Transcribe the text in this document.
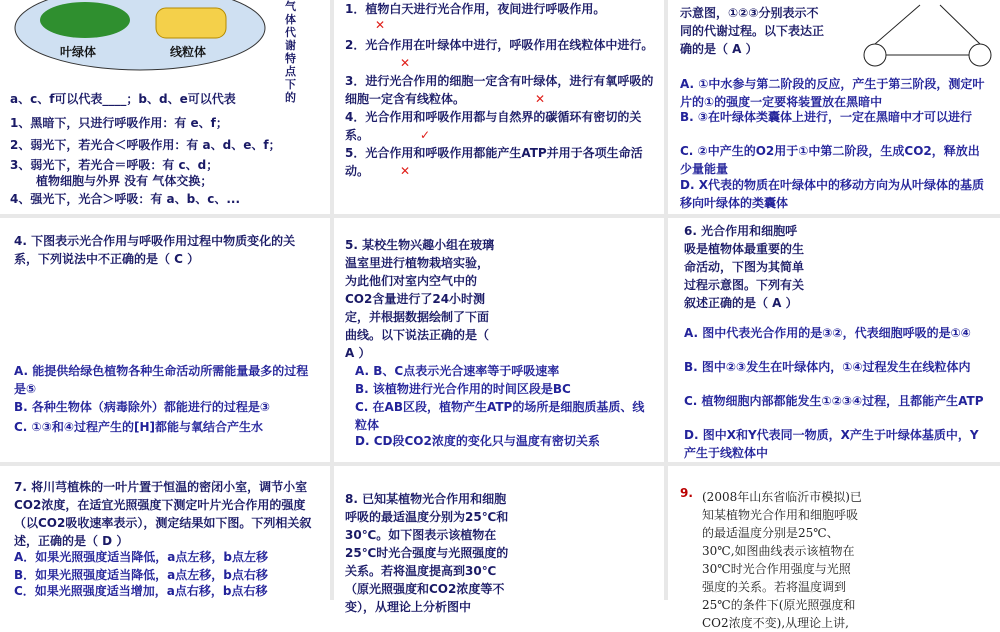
叶绿体	线粒体
气体代谢特点 下的
a、c、f可以代表____；b、d、e可以代表
1、黑暗下，只进行呼吸作用：有 e、f；
2、弱光下，若光合＜呼吸作用：有 a、d、e、f；
3、弱光下，若光合＝呼吸：有 c、d；
植物细胞与外界 没有 气体交换；
4、强光下，光合＞呼吸：有 a、b、c、...
1．植物白天进行光合作用，夜间进行呼吸作用。
✕
2．光合作用在叶绿体中进行，呼吸作用在线粒体中进行。
✕
3．进行光合作用的细胞一定含有叶绿体，进行有氧呼吸的细胞一定含有线粒体。	✕
4．光合作用和呼吸作用都与自然界的碳循环有密切的关系。	✓
5．光合作用和呼吸作用都能产生ATP并用于各项生命活动。	✕
示意图，①②③分别表示不同的代谢过程。以下表达正确的是（ A ）
A. ①中水参与第二阶段的反应，产生于第三阶段，测定叶片的①的强度一定要将装置放在黑暗中
B. ③在叶绿体类囊体上进行，一定在黑暗中才可以进行
C. ②中产生的O2用于①中第二阶段，生成CO2，释放出少量能量
D. X代表的物质在叶绿体中的移动方向为从叶绿体的基质移向叶绿体的类囊体
4. 下图表示光合作用与呼吸作用过程中物质变化的关系，下列说法中不正确的是（ C ）
A. 能提供给绿色植物各种生命活动所需能量最多的过程是⑤
B. 各种生物体（病毒除外）都能进行的过程是③
C. ①③和④过程产生的[H]都能与氧结合产生水
5. 某校生物兴趣小组在玻璃温室里进行植物栽培实验，为此他们对室内空气中的CO2含量进行了24小时测定，并根据数据绘制了下面曲线。以下说法正确的是（ A ）
A. B、C点表示光合速率等于呼吸速率
B. 该植物进行光合作用的时间区段是BC
C. 在AB区段，植物产生ATP的场所是细胞质基质、线粒体
D. CD段CO2浓度的变化只与温度有密切关系
6. 光合作用和细胞呼吸是植物体最重要的生命活动，下图为其简单过程示意图。下列有关叙述正确的是（ A ）
A. 图中代表光合作用的是③②，代表细胞呼吸的是①④
B. 图中②③发生在叶绿体内，①④过程发生在线粒体内
C. 植物细胞内部都能发生①②③④过程，且都能产生ATP
D. 图中X和Y代表同一物质，X产生于叶绿体基质中，Y产生于线粒体中
7. 将川芎植株的一叶片置于恒温的密闭小室，调节小室CO2浓度，在适宜光照强度下测定叶片光合作用的强度（以CO2吸收速率表示），测定结果如下图。下列相关叙述，正确的是（ D ）
A．如果光照强度适当降低，a点左移，b点左移
B．如果光照强度适当降低，a点左移，b点右移
C．如果光照强度适当增加，a点右移，b点右移
8. 已知某植物光合作用和细胞呼吸的最适温度分别为25℃和30℃。如下图表示该植物在25℃时光合强度与光照强度的关系。若将温度提高到30℃（原光照强度和CO2浓度等不变），从理论上分析图中
9. (2008年山东省临沂市模拟)已知某植物光合作用和细胞呼吸的最适温度分别是25℃、30℃,如图曲线表示该植物在30℃时光合作用强度与光照强度的关系。若将温度调到25℃的条件下(原光照强度和CO2浓度不变),从理论上讲,
